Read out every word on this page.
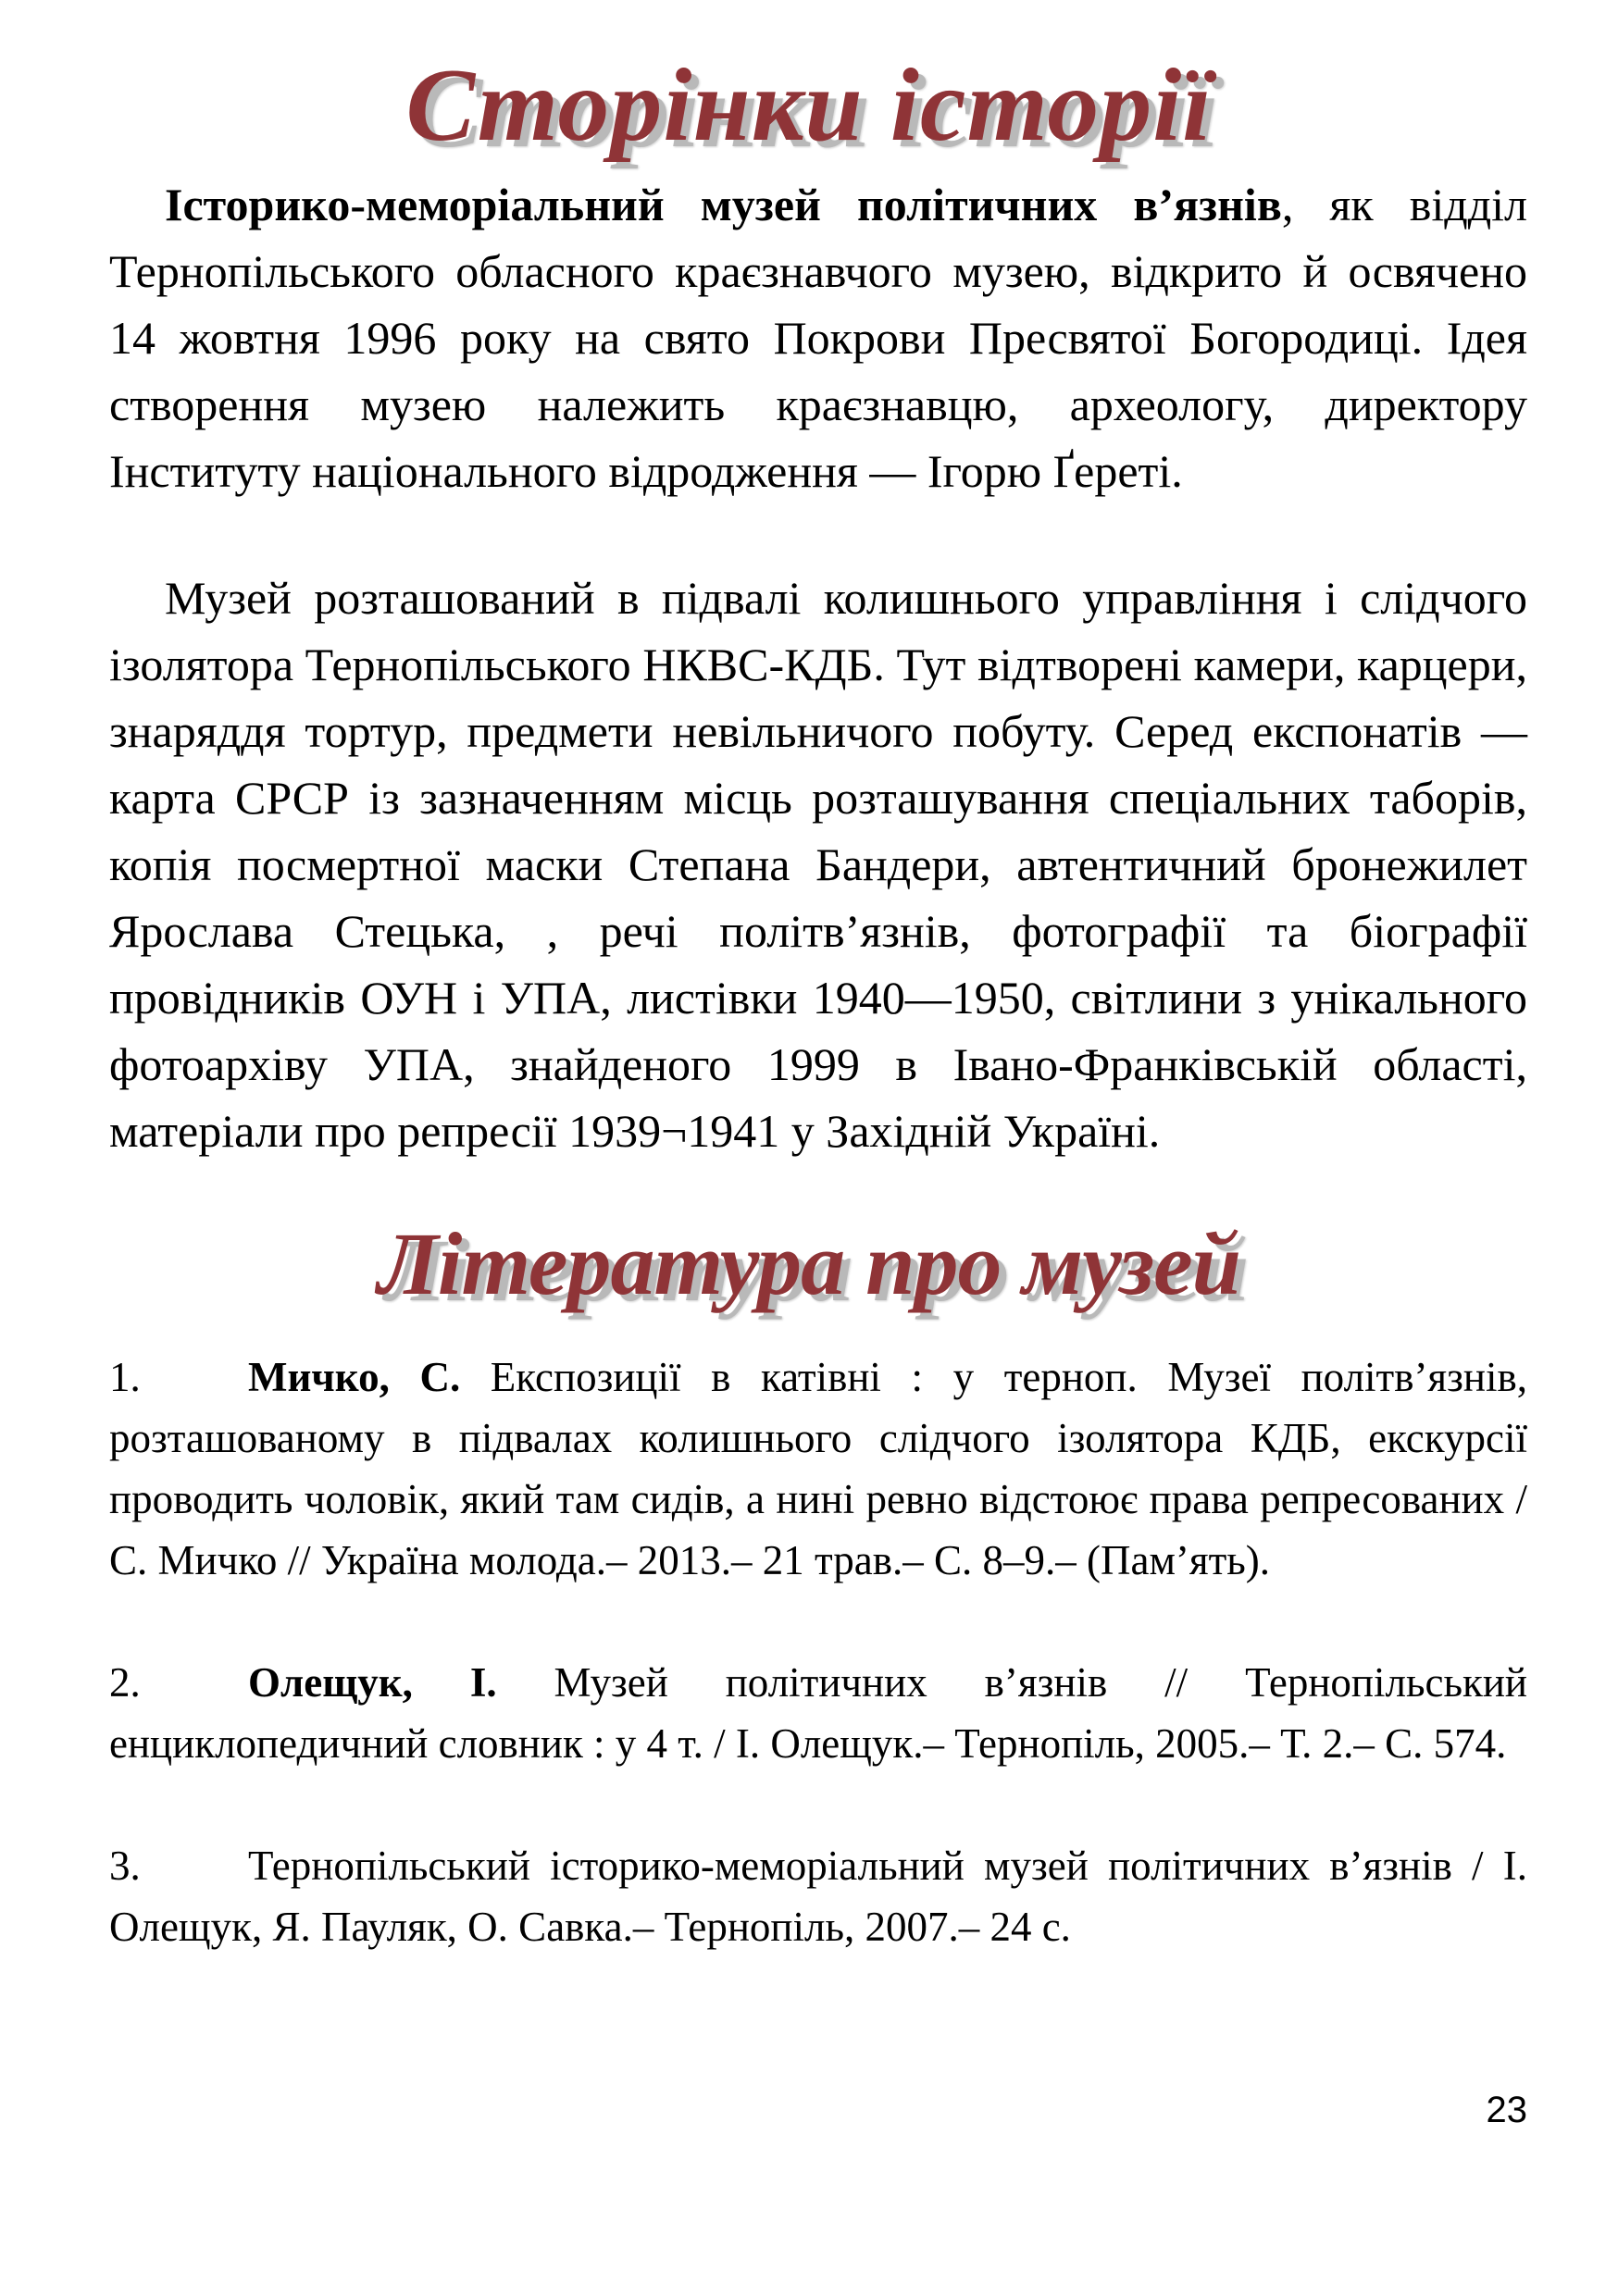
Сторінки історії

Історико-меморіальний музей політичних в’язнів, як відділ Тернопільського обласного краєзнавчого музею, відкрито й освячено 14 жовтня 1996 року на свято Покрови Пресвятої Богородиці. Ідея створення музею належить краєзнавцю, археологу, директору Інституту національного відродження — Ігорю Ґереті.

Музей розташований в підвалі колишнього управління і слідчого ізолятора Тернопільського НКВС-КДБ. Тут відтворені камери, карцери, знаряддя тортур, предмети невільничого побуту. Серед експонатів — карта СРСР із зазначенням місць розташування спеціальних таборів, копія посмертної маски Степана Бандери, автентичний бронежилет Ярослава Стецька, , речі політв’язнів, фотографії та біографії провідників ОУН і УПА, листівки 1940—1950, світлини з унікального фотоархіву УПА, знайденого 1999 в Івано-Франківській області, матеріали про репресії 1939¬1941 у Західній Україні.

Література про музей

1.	Мичко, С. Експозиції в катівні : у терноп. Музеї політв’язнів, розташованому в підвалах колишнього слідчого ізолятора КДБ, екскурсії проводить чоловік, який там сидів, а нині ревно відстоює права репресованих / С. Мичко // Україна молода.– 2013.– 21 трав.– С. 8–9.– (Пам’ять).

2.	Олещук, І. Музей політичних в’язнів // Тернопільський енциклопедичний словник : у 4 т. / І. Олещук.– Тернопіль, 2005.– Т. 2.– С. 574.

3.	Тернопільський історико-меморіальний музей політичних в’язнів / І. Олещук, Я. Пауляк, О. Савка.– Тернопіль, 2007.– 24 с.

23
